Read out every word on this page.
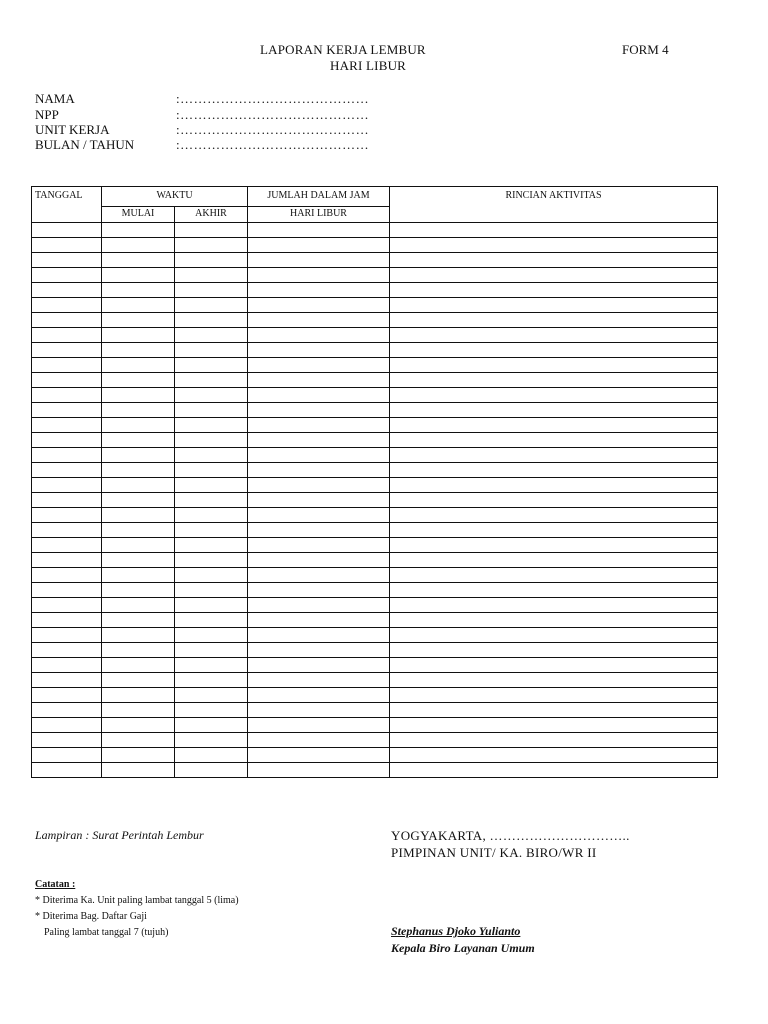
LAPORAN KERJA LEMBUR
HARI LIBUR
FORM 4
NAMA	:……………………………………
NPP	:……………………………………
UNIT KERJA	:……………………………………
BULAN / TAHUN	:……………………………………
TANGGAL	WAKTU		JUMLAH DALAM JAM	RINCIAN AKTIVITAS
	MULAI	AKHIR	HARI LIBUR	

Lampiran : Surat Perintah Lembur	YOGYAKARTA, …………………………..
PIMPINAN UNIT/ KA. BIRO/WR II
Catatan :
* Diterima Ka. Unit paling lambat tanggal 5 (lima)
* Diterima Bag. Daftar Gaji
Paling lambat tanggal 7 (tujuh)	Stephanus Djoko Yulianto
Kepala Biro Layanan Umum
